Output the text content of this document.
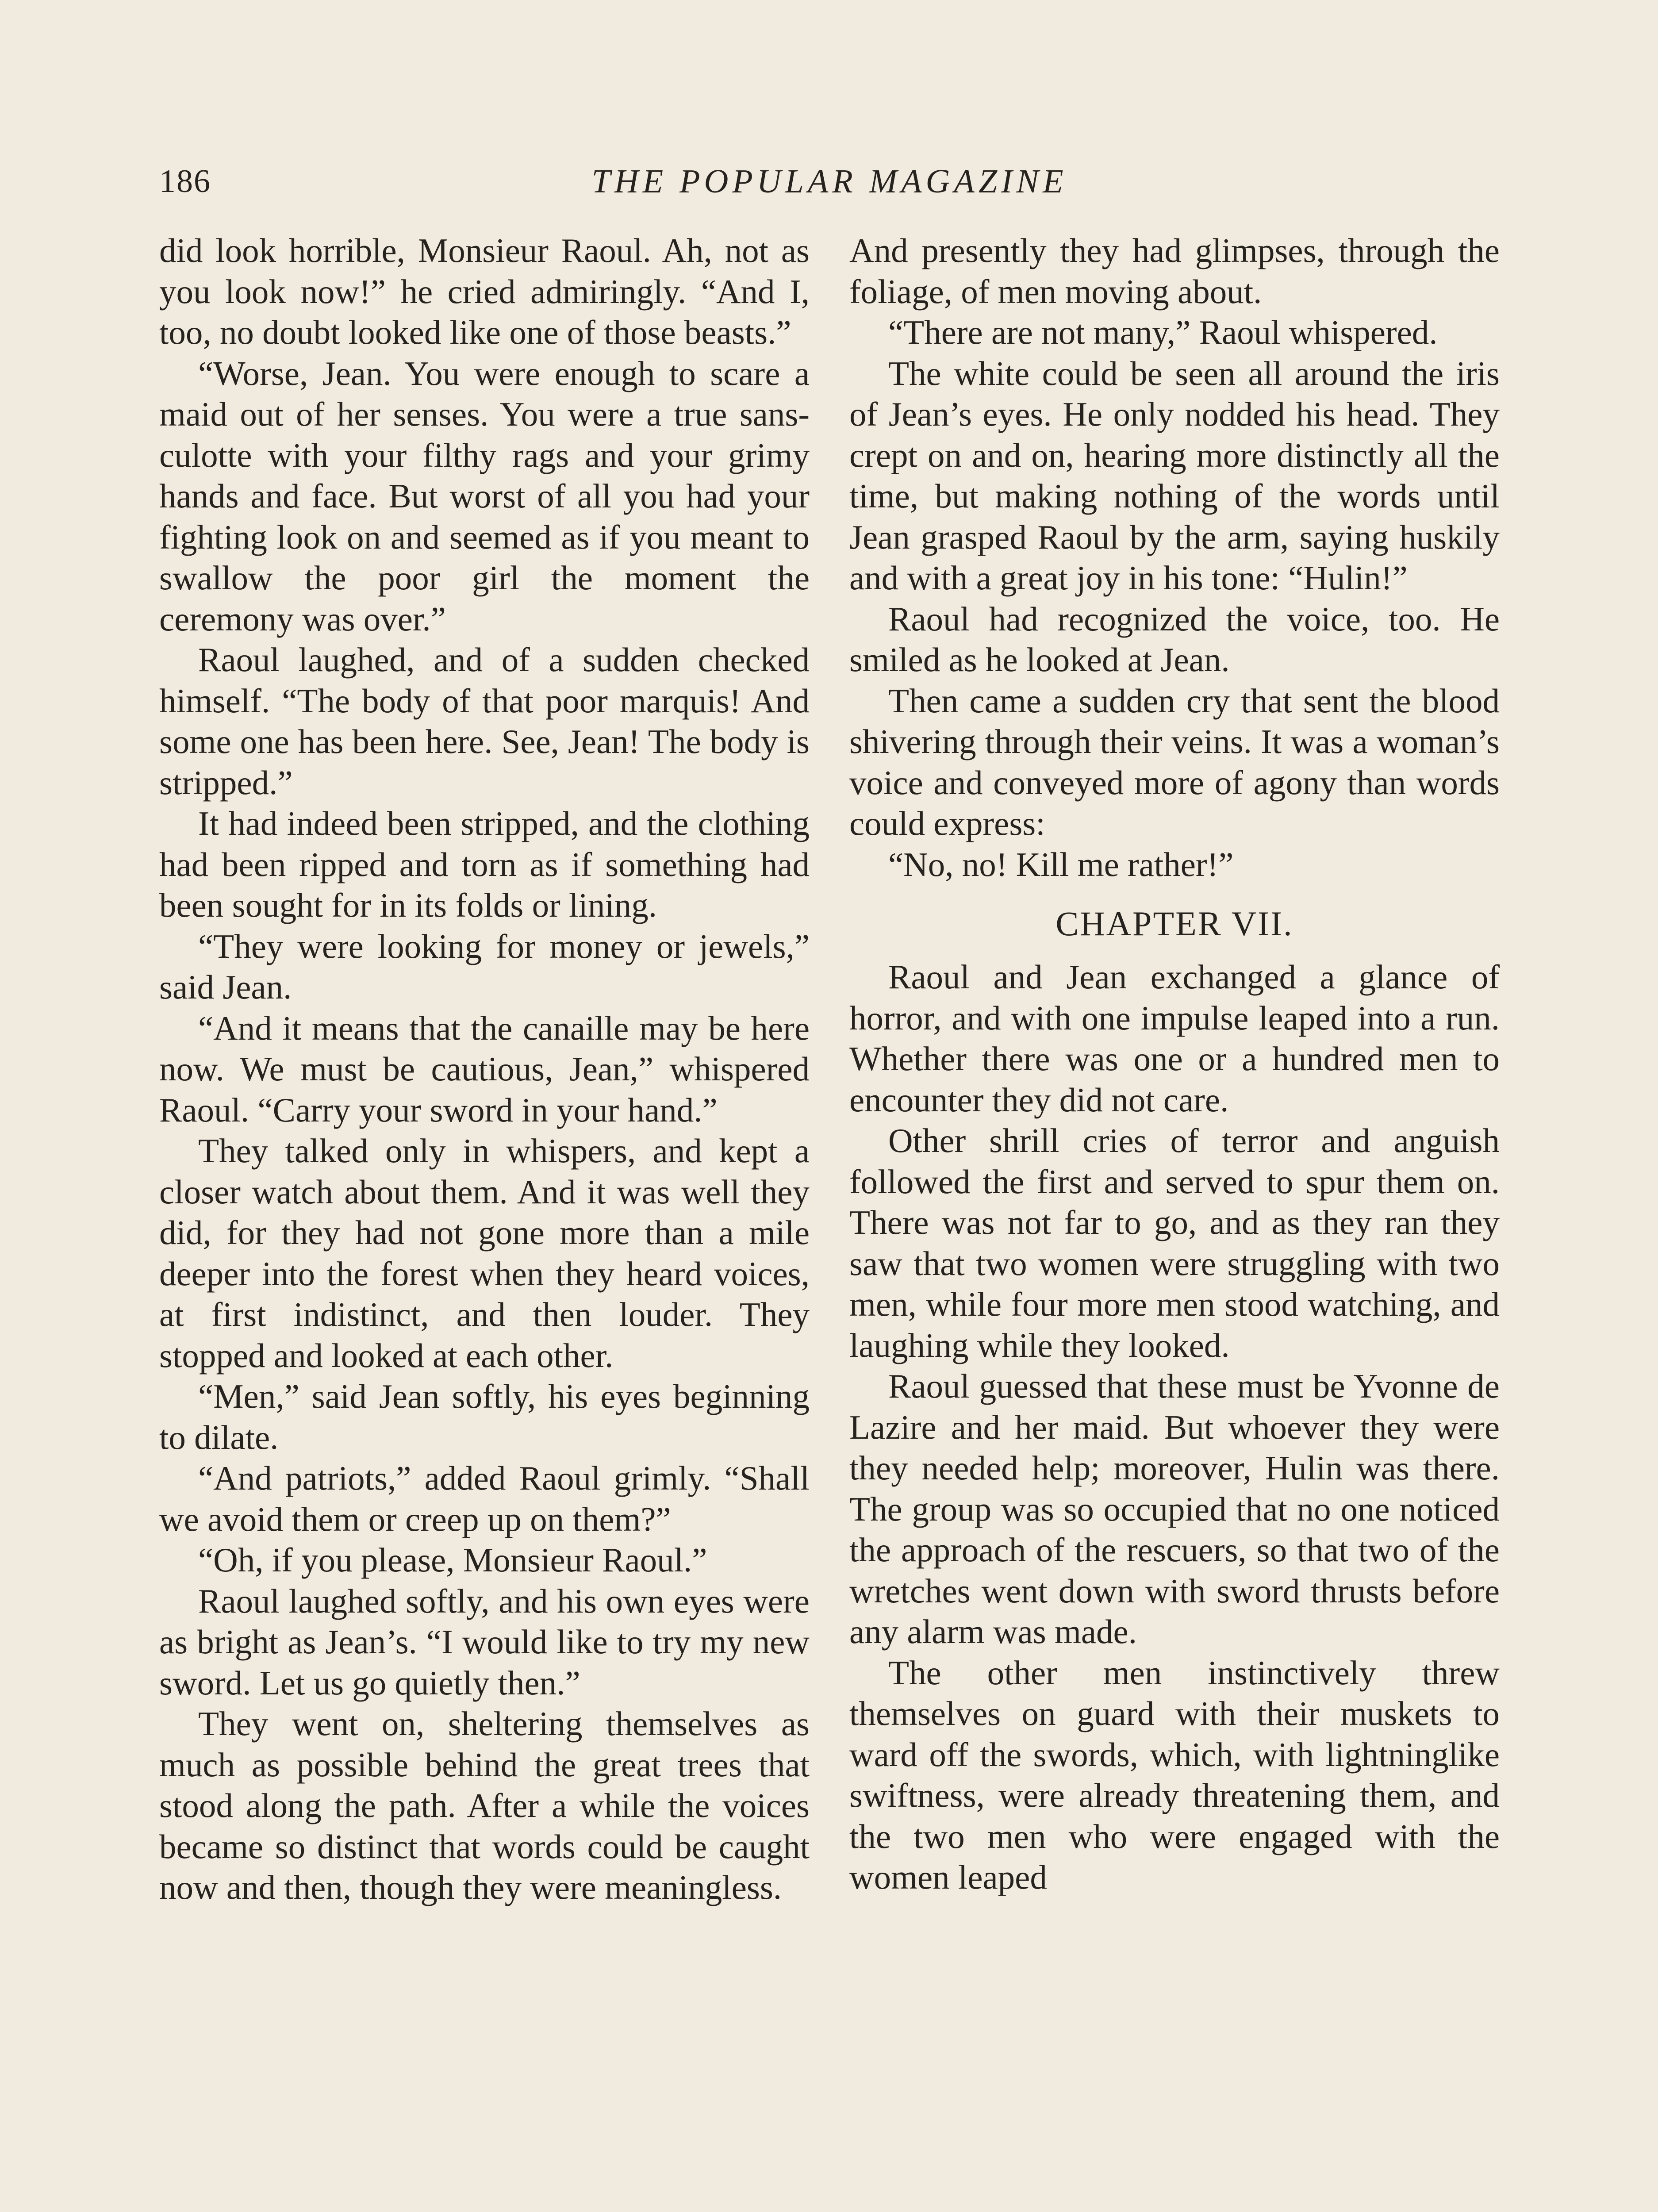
186	THE POPULAR MAGAZINE

did look horrible, Monsieur Raoul. Ah, not as you look now!” he cried admiringly. “And I, too, no doubt looked like one of those beasts.”

“Worse, Jean. You were enough to scare a maid out of her senses. You were a true sans-culotte with your filthy rags and your grimy hands and face. But worst of all you had your fighting look on and seemed as if you meant to swallow the poor girl the moment the ceremony was over.”

Raoul laughed, and of a sudden checked himself. “The body of that poor marquis! And some one has been here. See, Jean! The body is stripped.”

It had indeed been stripped, and the clothing had been ripped and torn as if something had been sought for in its folds or lining.

“They were looking for money or jewels,” said Jean.

“And it means that the canaille may be here now. We must be cautious, Jean,” whispered Raoul. “Carry your sword in your hand.”

They talked only in whispers, and kept a closer watch about them. And it was well they did, for they had not gone more than a mile deeper into the forest when they heard voices, at first indistinct, and then louder. They stopped and looked at each other.

“Men,” said Jean softly, his eyes beginning to dilate.

“And patriots,” added Raoul grimly. “Shall we avoid them or creep up on them?”

“Oh, if you please, Monsieur Raoul.”

Raoul laughed softly, and his own eyes were as bright as Jean’s. “I would like to try my new sword. Let us go quietly then.”

They went on, sheltering themselves as much as possible behind the great trees that stood along the path. After a while the voices became so distinct that words could be caught now and then, though they were meaningless.

And presently they had glimpses, through the foliage, of men moving about.

“There are not many,” Raoul whispered.

The white could be seen all around the iris of Jean’s eyes. He only nodded his head. They crept on and on, hearing more distinctly all the time, but making nothing of the words until Jean grasped Raoul by the arm, saying huskily and with a great joy in his tone: “Hulin!”

Raoul had recognized the voice, too. He smiled as he looked at Jean.

Then came a sudden cry that sent the blood shivering through their veins. It was a woman’s voice and conveyed more of agony than words could express:

“No, no! Kill me rather!”

CHAPTER VII.

Raoul and Jean exchanged a glance of horror, and with one impulse leaped into a run. Whether there was one or a hundred men to encounter they did not care.

Other shrill cries of terror and anguish followed the first and served to spur them on. There was not far to go, and as they ran they saw that two women were struggling with two men, while four more men stood watching, and laughing while they looked.

Raoul guessed that these must be Yvonne de Lazire and her maid. But whoever they were they needed help; moreover, Hulin was there. The group was so occupied that no one noticed the approach of the rescuers, so that two of the wretches went down with sword thrusts before any alarm was made.

The other men instinctively threw themselves on guard with their muskets to ward off the swords, which, with lightninglike swiftness, were already threatening them, and the two men who were engaged with the women leaped
